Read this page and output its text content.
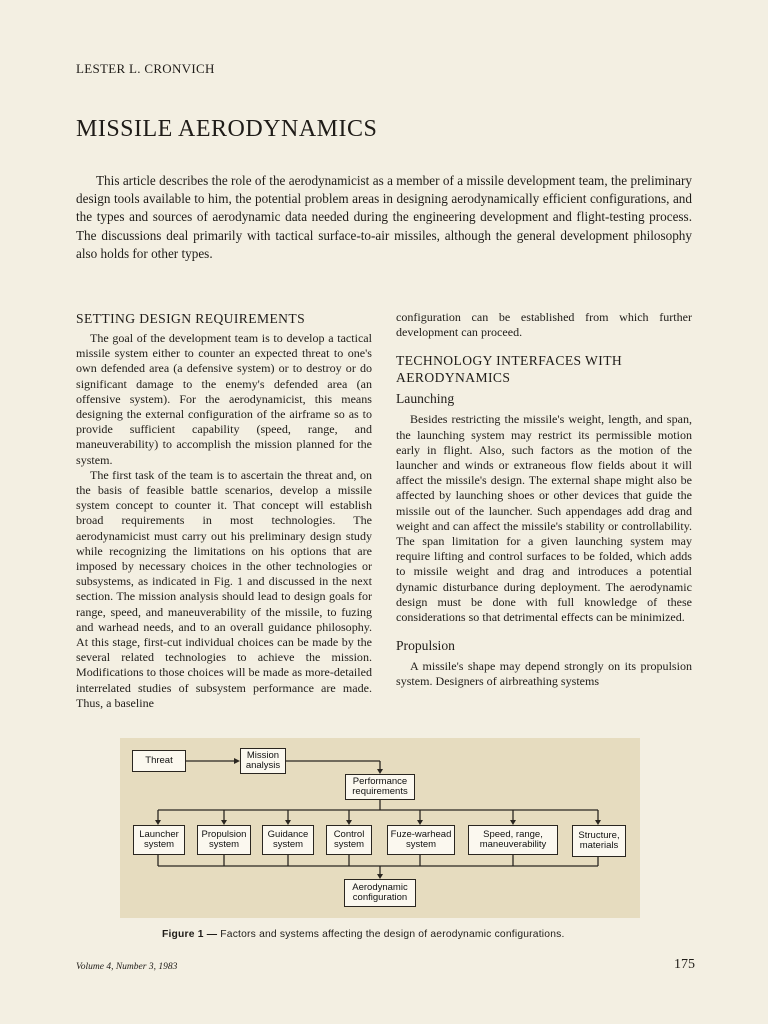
LESTER L. CRONVICH
MISSILE AERODYNAMICS

This article describes the role of the aerodynamicist as a member of a missile development team, the preliminary design tools available to him, the potential problem areas in designing aerodynamically efficient configurations, and the types and sources of aerodynamic data needed during the engineering development and flight-testing process. The discussions deal primarily with tactical surface-to-air missiles, although the general development philosophy also holds for other types.

SETTING DESIGN REQUIREMENTS

The goal of the development team is to develop a tactical missile system either to counter an expected threat to one's own defended area (a defensive system) or to destroy or do significant damage to the enemy's defended area (an offensive system). For the aerodynamicist, this means designing the external configuration of the airframe so as to provide sufficient capability (speed, range, and maneuverability) to accomplish the mission planned for the system.

The first task of the team is to ascertain the threat and, on the basis of feasible battle scenarios, develop a missile system concept to counter it. That concept will establish broad requirements in most technologies. The aerodynamicist must carry out his preliminary design study while recognizing the limitations on his options that are imposed by necessary choices in the other technologies or subsystems, as indicated in Fig. 1 and discussed in the next section. The mission analysis should lead to design goals for range, speed, and maneuverability of the missile, to fuzing and warhead needs, and to an overall guidance philosophy. At this stage, first-cut individual choices can be made by the several related technologies to achieve the mission. Modifications to those choices will be made as more-detailed interrelated studies of subsystem performance are made. Thus, a baseline

configuration can be established from which further development can proceed.

TECHNOLOGY INTERFACES WITH AERODYNAMICS
Launching

Besides restricting the missile's weight, length, and span, the launching system may restrict its permissible motion early in flight. Also, such factors as the motion of the launcher and winds or extraneous flow fields about it will affect the missile's design. The external shape might also be affected by launching shoes or other devices that guide the missile out of the launcher. Such appendages add drag and weight and can affect the missile's stability or controllability. The span limitation for a given launching system may require lifting and control surfaces to be folded, which adds to missile weight and drag and introduces a potential dynamic disturbance during deployment. The aerodynamic design must be done with full knowledge of these considerations so that detrimental effects can be minimized.

Propulsion

A missile's shape may depend strongly on its propulsion system. Designers of airbreathing systems

Threat	Mission analysis
Performance requirements
Launcher system
Propulsion system
Guidance system
Control system
Fuze-warhead system
Speed, range, maneuverability
Structure, materials
Aerodynamic configuration
Figure 1 — Factors and systems affecting the design of aerodynamic configurations.
Volume 4, Number 3, 1983	175
